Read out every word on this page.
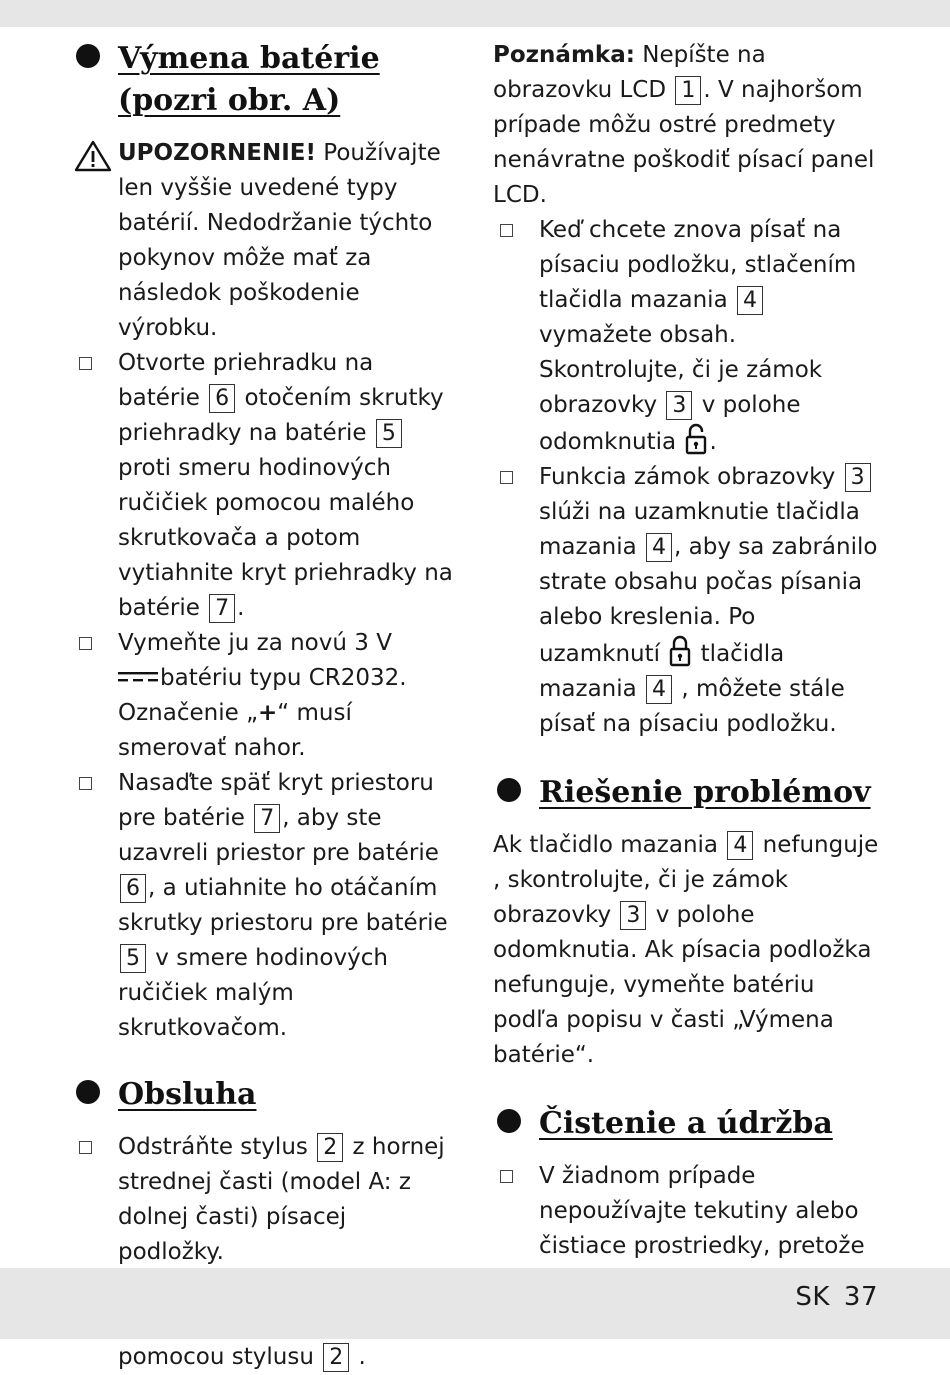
Výmena batérie (pozri obr. A)

UPOZORNENIE! Používajte len vyššie uvedené typy batérií. Nedodržanie týchto pokynov môže mať za následok poškodenie výrobku.

Otvorte priehradku na batérie 6 otočením skrutky priehradky na batérie 5 proti smeru hodinových ručičiek pomocou malého skrutkovača a potom vytiahnite kryt priehradky na batérie 7 .
Vymeňte ju za novú 3 V
batériu typu CR2032. Označenie „+“ musí smerovať nahor.
Nasaďte späť kryt priestoru pre batérie 7 , aby ste uzavreli priestor pre batérie 6 , a utiahnite ho otáčaním skrutky priestoru pre batérie 5 v smere hodinových ručičiek malým skrutkovačom.
Obsluha
Odstráňte stylus 2 z hornej strednej časti (model A: z dolnej časti) písacej podložky.
pomocou stylusu 2 .

Poznámka: Nepíšte na obrazovku LCD 1 . V najhoršom prípade môžu ostré predmety nenávratne poškodiť písací panel LCD.

Keď chcete znova písať na písaciu podložku, stlačením tlačidla mazania 4 vymažete obsah. Skontrolujte, či je zámok obrazovky 3 v polohe odomknutia .
Funkcia zámok obrazovky 3 slúži na uzamknutie tlačidla mazania 4 , aby sa zabránilo strate obsahu počas písania alebo kreslenia. Po uzamknutí  tlačidla mazania 4 , môžete stále písať na písaciu podložku.
Riešenie problémov

Ak tlačidlo mazania 4 nefunguje , skontrolujte, či je zámok obrazovky 3 v polohe odomknutia. Ak písacia podložka nefunguje, vymeňte batériu podľa popisu v časti „Výmena batérie“.

Čistenie a údržba
V žiadnom prípade nepoužívajte tekutiny alebo čistiace prostriedky, pretože
SK 37
